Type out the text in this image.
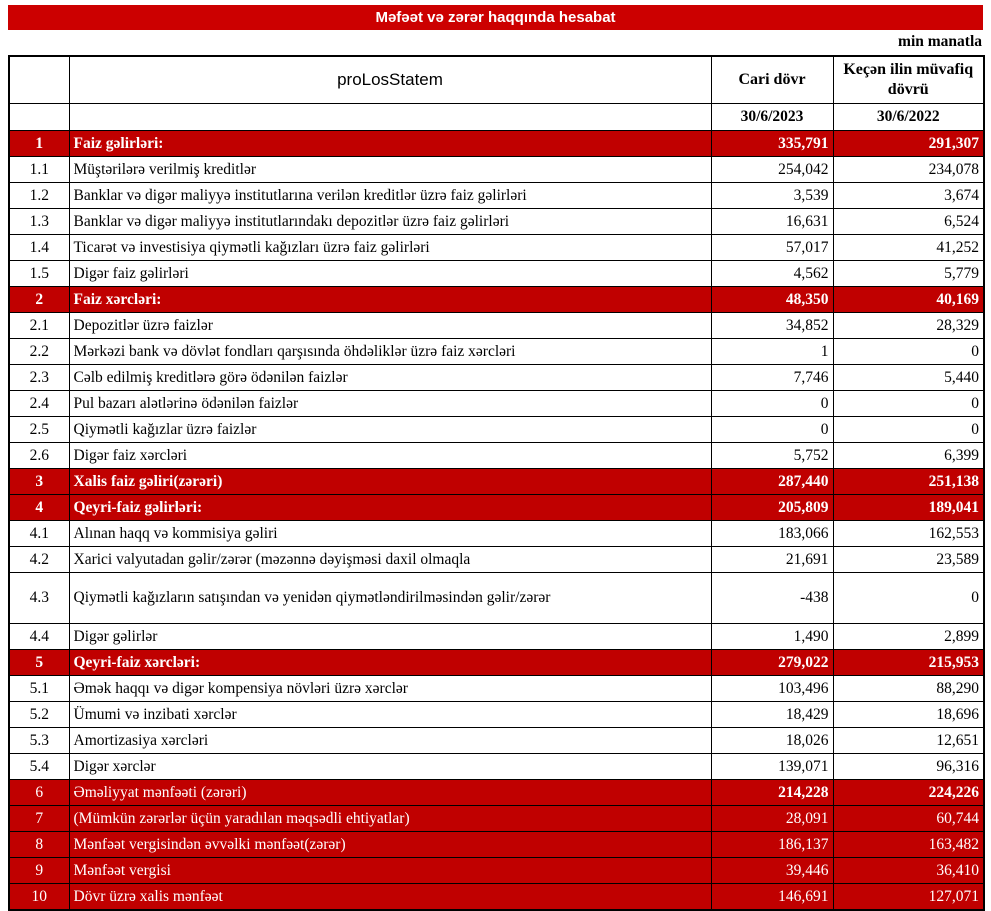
Məfəət və zərər haqqında hesabat
min manatla
	proLosStatem	Cari dövr	Keçən ilin müvafiq dövrü
		30/6/2023	30/6/2022
1	Faiz gəlirləri:	335,791	291,307
1.1	Müştərilərə verilmiş kreditlər	254,042	234,078
1.2	Banklar və digər maliyyə institutlarına verilən kreditlər üzrə faiz gəlirləri	3,539	3,674
1.3	Banklar və digər maliyyə institutlarındakı depozitlər üzrə faiz gəlirləri	16,631	6,524
1.4	Ticarət və investisiya qiymətli kağızları üzrə faiz gəlirləri	57,017	41,252
1.5	Digər faiz gəlirləri	4,562	5,779
2	Faiz xərcləri:	48,350	40,169
2.1	Depozitlər üzrə faizlər	34,852	28,329
2.2	Mərkəzi bank və dövlət fondları qarşısında öhdəliklər üzrə faiz xərcləri	1	0
2.3	Cəlb edilmiş kreditlərə görə ödənilən faizlər	7,746	5,440
2.4	Pul bazarı alətlərinə ödənilən faizlər	0	0
2.5	Qiymətli kağızlar üzrə faizlər	0	0
2.6	Digər faiz xərcləri	5,752	6,399
3	Xalis faiz gəliri(zərəri)	287,440	251,138
4	Qeyri-faiz gəlirləri:	205,809	189,041
4.1	Alınan haqq və kommisiya gəliri	183,066	162,553
4.2	Xarici valyutadan gəlir/zərər (məzənnə dəyişməsi daxil olmaqla	21,691	23,589
4.3	Qiymətli kağızların satışından və yenidən qiymətləndirilməsindən gəlir/zərər	-438	0
4.4	Digər gəlirlər	1,490	2,899
5	Qeyri-faiz xərcləri:	279,022	215,953
5.1	Əmək haqqı və digər kompensiya növləri üzrə xərclər	103,496	88,290
5.2	Ümumi və inzibati xərclər	18,429	18,696
5.3	Amortizasiya xərcləri	18,026	12,651
5.4	Digər xərclər	139,071	96,316
6	Əməliyyat mənfəəti (zərəri)	214,228	224,226
7	(Mümkün zərərlər üçün yaradılan məqsədli ehtiyatlar)	28,091	60,744
8	Mənfəət vergisindən əvvəlki mənfəət(zərər)	186,137	163,482
9	Mənfəət vergisi	39,446	36,410
10	Dövr üzrə xalis mənfəət	146,691	127,071
